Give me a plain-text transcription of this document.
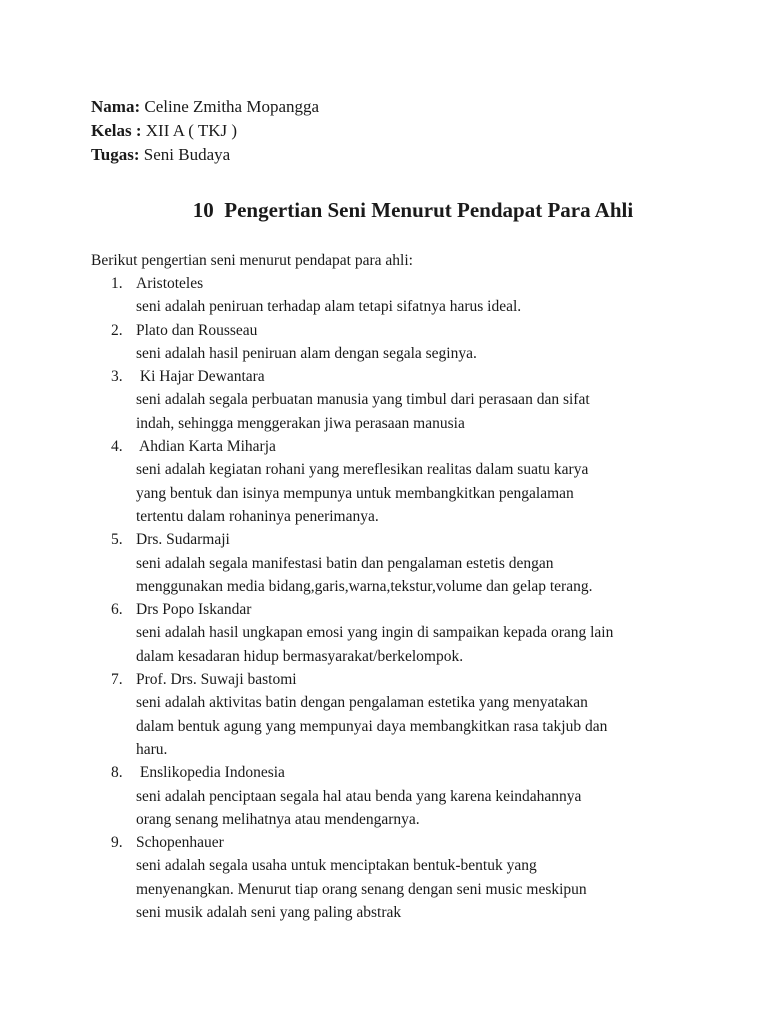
Nama: Celine Zmitha Mopangga
Kelas : XII A ( TKJ )
Tugas: Seni Budaya
10  Pengertian Seni Menurut Pendapat Para Ahli
Berikut pengertian seni menurut pendapat para ahli:
1. Aristoteles
seni adalah peniruan terhadap alam tetapi sifatnya harus ideal.
2. Plato dan Rousseau
seni adalah hasil peniruan alam dengan segala seginya.
3. Ki Hajar Dewantara
seni adalah segala perbuatan manusia yang timbul dari perasaan dan sifat
indah, sehingga menggerakan jiwa perasaan manusia
4. Ahdian Karta Miharja
seni adalah kegiatan rohani yang mereflesikan realitas dalam suatu karya
yang bentuk dan isinya mempunya untuk membangkitkan pengalaman
tertentu dalam rohaninya penerimanya.
5. Drs. Sudarmaji
seni adalah segala manifestasi batin dan pengalaman estetis dengan
menggunakan media bidang,garis,warna,tekstur,volume dan gelap terang.
6. Drs Popo Iskandar
seni adalah hasil ungkapan emosi yang ingin di sampaikan kepada orang lain
dalam kesadaran hidup bermasyarakat/berkelompok.
7. Prof. Drs. Suwaji bastomi
seni adalah aktivitas batin dengan pengalaman estetika yang menyatakan
dalam bentuk agung yang mempunyai daya membangkitkan rasa takjub dan
haru.
8. Enslikopedia Indonesia
seni adalah penciptaan segala hal atau benda yang karena keindahannya
orang senang melihatnya atau mendengarnya.
9. Schopenhauer
seni adalah segala usaha untuk menciptakan bentuk-bentuk yang
menyenangkan. Menurut tiap orang senang dengan seni music meskipun
seni musik adalah seni yang paling abstrak
